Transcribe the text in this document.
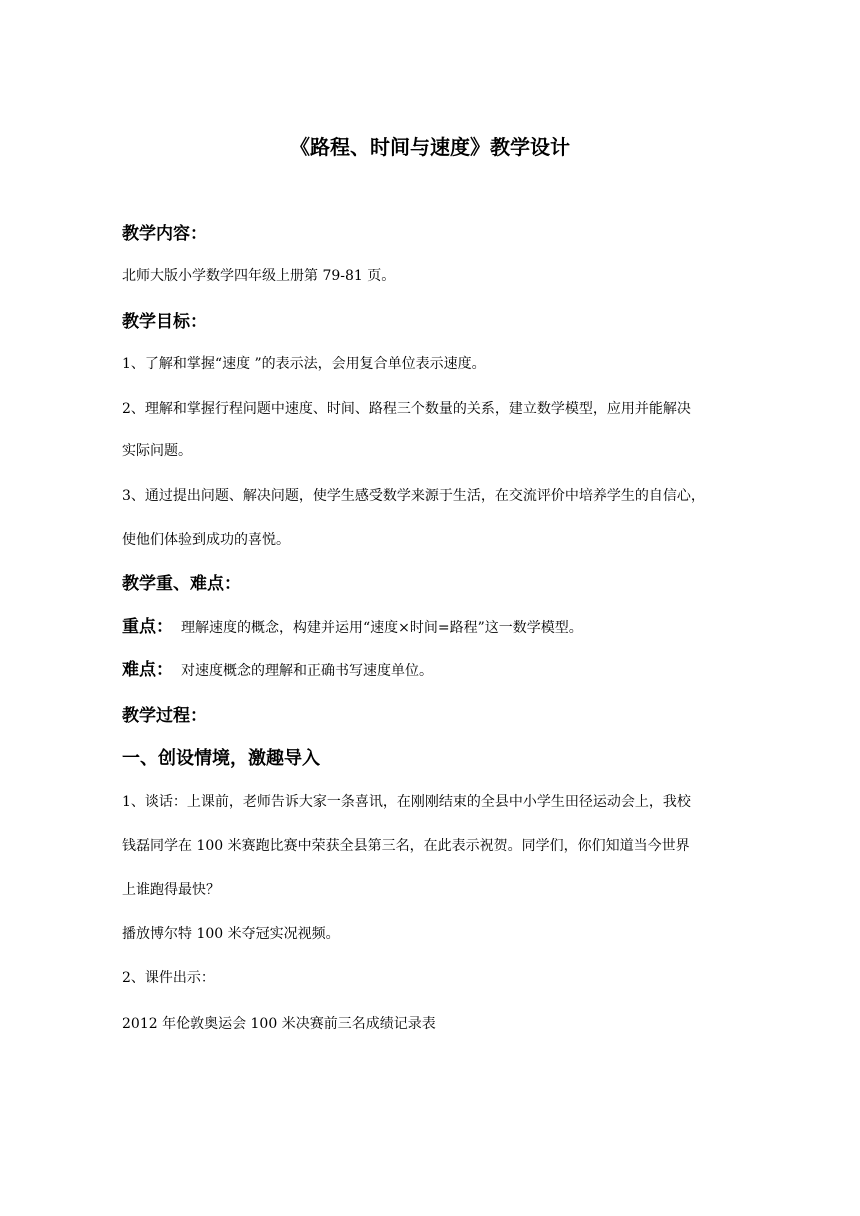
《路程、时间与速度》教学设计
教学内容：
北师大版小学数学四年级上册第 79-81 页。
教学目标：
1、了解和掌握“速度 ”的表示法，会用复合单位表示速度。
2、理解和掌握行程问题中速度、时间、路程三个数量的关系，建立数学模型，应用并能解决
实际问题。
3、通过提出问题、解决问题，使学生感受数学来源于生活，在交流评价中培养学生的自信心，
使他们体验到成功的喜悦。
教学重、难点：
重点： 理解速度的概念，构建并运用“速度×时间=路程”这一数学模型。
难点： 对速度概念的理解和正确书写速度单位。
教学过程：
一、创设情境，激趣导入
1、谈话：上课前，老师告诉大家一条喜讯，在刚刚结束的全县中小学生田径运动会上，我校
钱磊同学在 100 米赛跑比赛中荣获全县第三名，在此表示祝贺。同学们，你们知道当今世界
上谁跑得最快？
播放博尔特 100 米夺冠实况视频。
2、课件出示：
2012 年伦敦奥运会 100 米决赛前三名成绩记录表
